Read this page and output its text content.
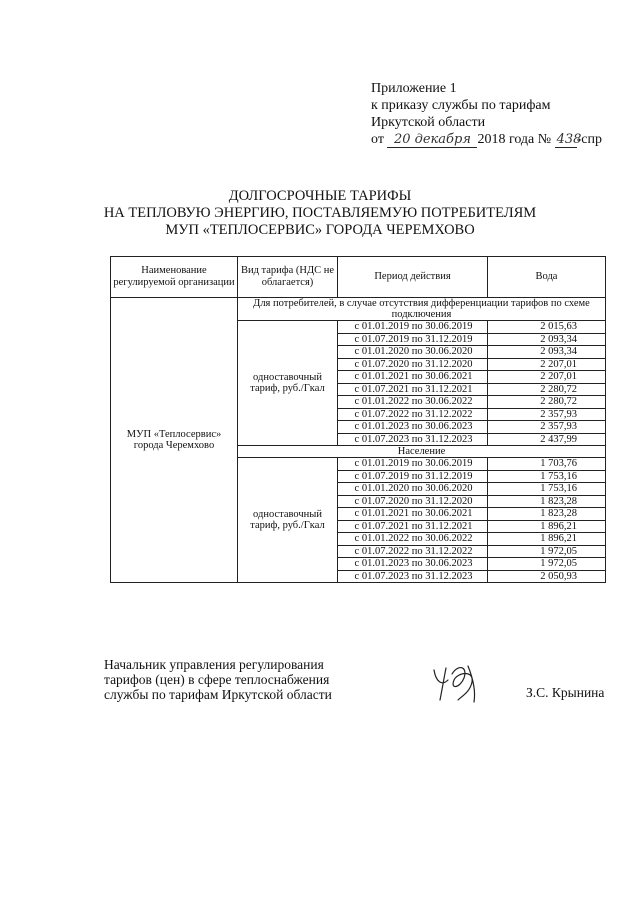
Приложение 1
к приказу службы по тарифам
Иркутской области
от 20 декабря 2018 года № 438-спр
ДОЛГОСРОЧНЫЕ ТАРИФЫ
НА ТЕПЛОВУЮ ЭНЕРГИЮ, ПОСТАВЛЯЕМУЮ ПОТРЕБИТЕЛЯМ
МУП «ТЕПЛОСЕРВИС» ГОРОДА ЧЕРЕМХОВО
Наименование регулируемой организации	Вид тарифа (НДС не облагается)	Период действия	Вода
МУП «Теплосервис» города Черемхово	Для потребителей, в случае отсутствия дифференциации тарифов по схеме подключения		
	одноставочный тариф, руб./Гкал	с 01.01.2019 по 30.06.2019	2 015,63
		с 01.07.2019 по 31.12.2019	2 093,34
		с 01.01.2020 по 30.06.2020	2 093,34
		с 01.07.2020 по 31.12.2020	2 207,01
		с 01.01.2021 по 30.06.2021	2 207,01
		с 01.07.2021 по 31.12.2021	2 280,72
		с 01.01.2022 по 30.06.2022	2 280,72
		с 01.07.2022 по 31.12.2022	2 357,93
		с 01.01.2023 по 30.06.2023	2 357,93
		с 01.07.2023 по 31.12.2023	2 437,99
	Население		
	одноставочный тариф, руб./Гкал	с 01.01.2019 по 30.06.2019	1 703,76
		с 01.07.2019 по 31.12.2019	1 753,16
		с 01.01.2020 по 30.06.2020	1 753,16
		с 01.07.2020 по 31.12.2020	1 823,28
		с 01.01.2021 по 30.06.2021	1 823,28
		с 01.07.2021 по 31.12.2021	1 896,21
		с 01.01.2022 по 30.06.2022	1 896,21
		с 01.07.2022 по 31.12.2022	1 972,05
		с 01.01.2023 по 30.06.2023	1 972,05
		с 01.07.2023 по 31.12.2023	2 050,93
Начальник управления регулирования
тарифов (цен) в сфере теплоснабжения
службы по тарифам Иркутской области	З.С. Крынина
